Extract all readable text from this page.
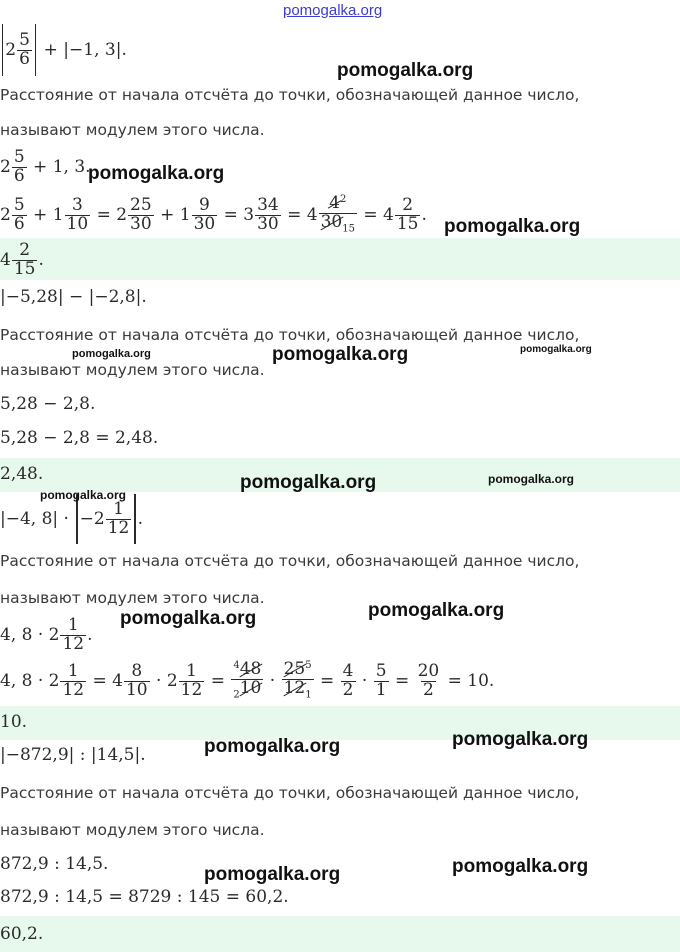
pomogalka.org
$2 \frac{5}{6} + |-1$, 3|.
Расстояние от начала отсчёта до точки, обозначающей данное число,
называют модулем этого числа.
$2 \frac{5}{6} + 1$, 3.
$2 \frac{5}{6} + 1 \frac{3}{10} = 2 \frac{25}{30} + 1 \frac{9}{30} = 3 \frac{34}{30} = 4 \frac{4^2}{30_{15}} = 4 \frac{2}{15}$ .
$4 \frac{2}{15}$ .
|−5,28| − |−2,8|.
Расстояние от начала отсчёта до точки, обозначающей данное число,
называют модулем этого числа.
5,28 − 2,8.
5,28 − 2,8 = 2,48.
2,48.
|−4, $8| \cdot -2 \frac{1}{12}$ .
Расстояние от начала отсчёта до точки, обозначающей данное число,
называют модулем этого числа.
4, $8 \cdot 2 \frac{1}{12}$ .
4, $8 \cdot 2 \frac{1}{12} = 4 \frac{8}{10} \cdot 2 \frac{1}{12} = \frac{^448}{_210} \cdot \frac{25^5}{12_1} = \frac{4}{2} \cdot \frac{5}{1} = \frac{20}{2} = 10$.
10.
|−872,9| : |14,5|.
Расстояние от начала отсчёта до точки, обозначающей данное число,
называют модулем этого числа.
872,9 : 14,5.
872,9 : 14,5 = 8729 : 145 = 60,2.
60,2.
pomogalka.org
pomogalka.org
pomogalka.org
pomogalka.org	pomogalka.org	pomogalka.org
pomogalka.org	pomogalka.org
pomogalka.org
pomogalka.org
pomogalka.org
pomogalka.org
pomogalka.org
pomogalka.org
pomogalka.org
